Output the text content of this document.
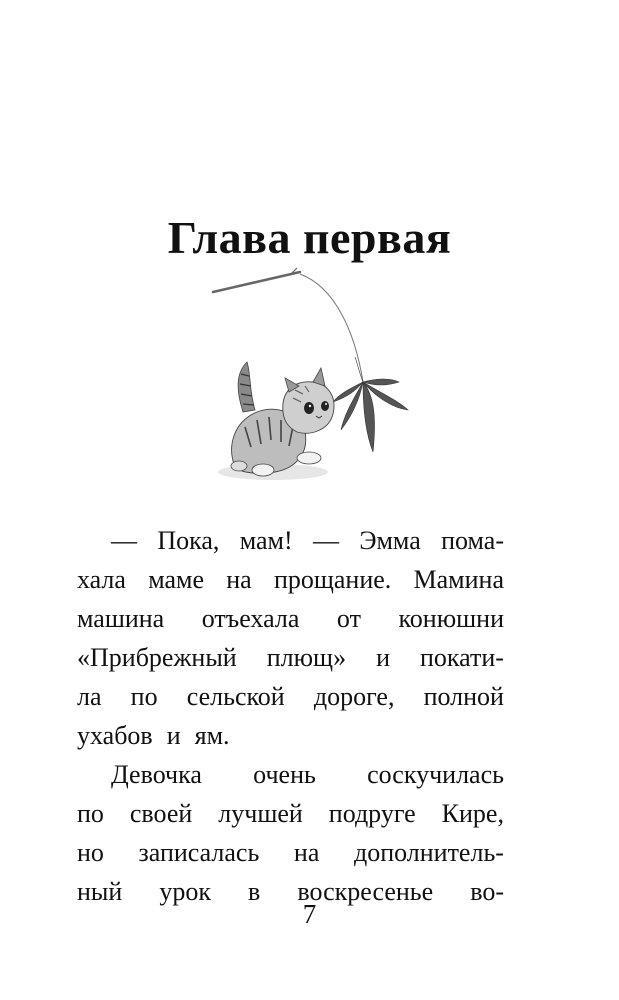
Глава первая
— Пока, мам! — Эмма пома-
хала маме на прощание. Мамина
машина отъехала от конюшни
«Прибрежный плющ» и покати-
ла по сельской дороге, полной
ухабов и ям.
Девочка очень соскучилась
по своей лучшей подруге Кире,
но записалась на дополнитель-
ный урок в воскресенье во-
7
